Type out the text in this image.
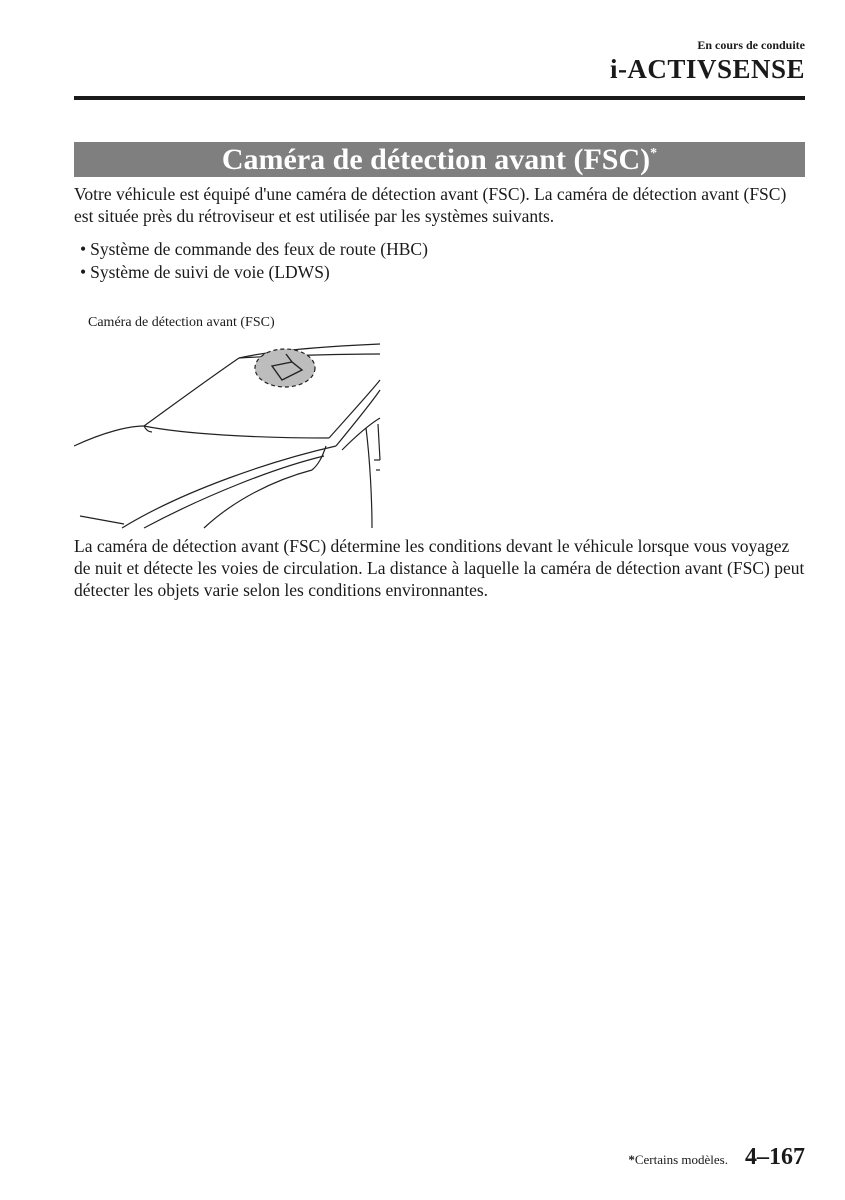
En cours de conduite
i-ACTIVSENSE
Caméra de détection avant (FSC)*

Votre véhicule est équipé d'une caméra de détection avant (FSC). La caméra de détection avant (FSC) est située près du rétroviseur et est utilisée par les systèmes suivants.

• Système de commande des feux de route (HBC)
• Système de suivi de voie (LDWS)
Caméra de détection avant (FSC)

La caméra de détection avant (FSC) détermine les conditions devant le véhicule lorsque vous voyagez de nuit et détecte les voies de circulation. La distance à laquelle la caméra de détection avant (FSC) peut détecter les objets varie selon les conditions environnantes.

*Certains modèles. 4–167
